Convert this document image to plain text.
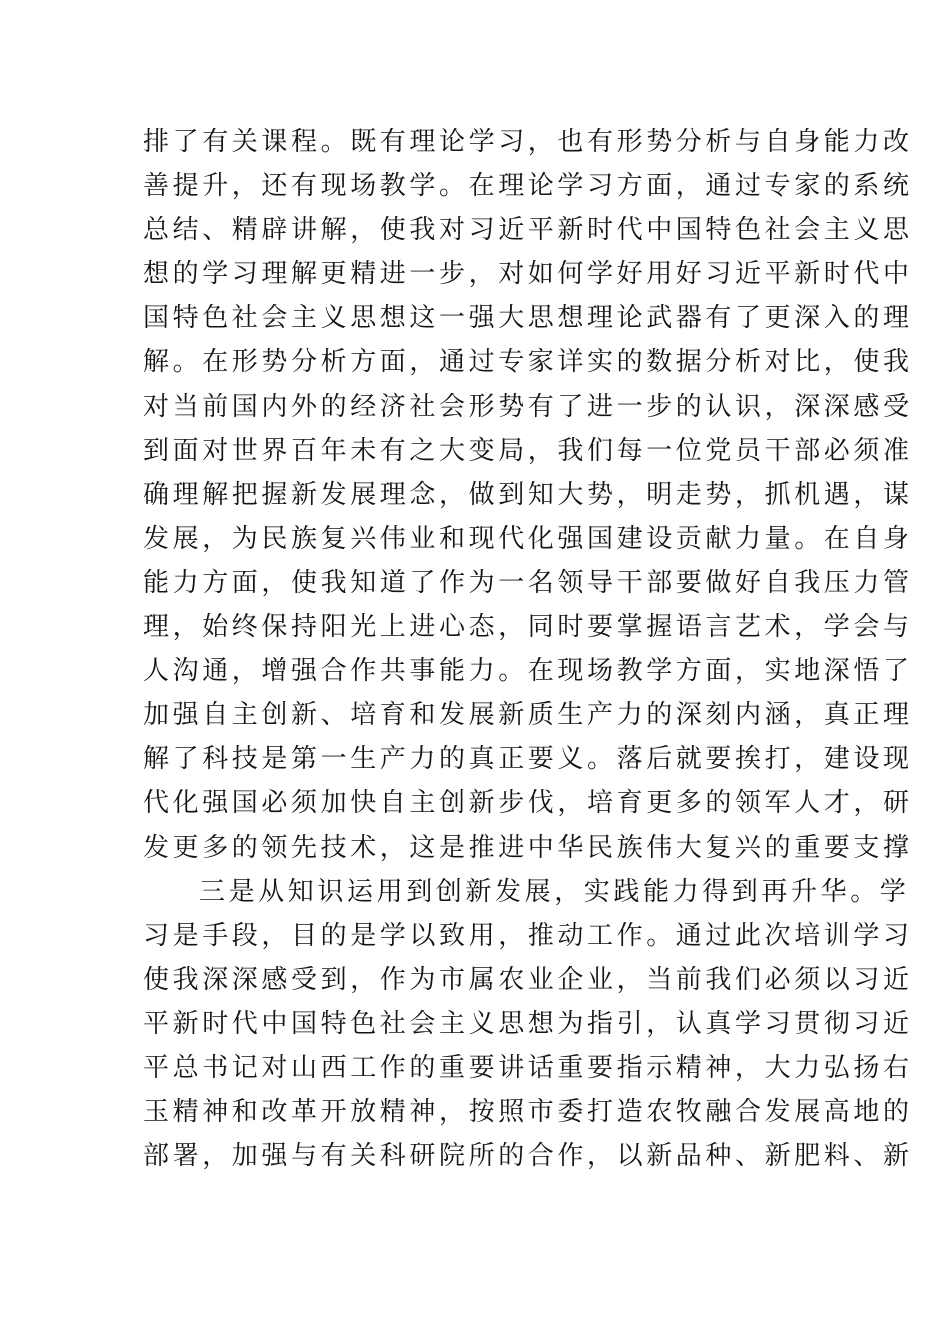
排了有关课程。既有理论学习，也有形势分析与自身能力改
善提升，还有现场教学。在理论学习方面，通过专家的系统
总结、精辟讲解，使我对习近平新时代中国特色社会主义思
想的学习理解更精进一步，对如何学好用好习近平新时代中
国特色社会主义思想这一强大思想理论武器有了更深入的理
解。在形势分析方面，通过专家详实的数据分析对比，使我
对当前国内外的经济社会形势有了进一步的认识，深深感受
到面对世界百年未有之大变局，我们每一位党员干部必须准
确理解把握新发展理念，做到知大势，明走势，抓机遇，谋
发展，为民族复兴伟业和现代化强国建设贡献力量。在自身
能力方面，使我知道了作为一名领导干部要做好自我压力管
理，始终保持阳光上进心态，同时要掌握语言艺术，学会与
人沟通，增强合作共事能力。在现场教学方面，实地深悟了
加强自主创新、培育和发展新质生产力的深刻内涵，真正理
解了科技是第一生产力的真正要义。落后就要挨打，建设现
代化强国必须加快自主创新步伐，培育更多的领军人才，研
发更多的领先技术，这是推进中华民族伟大复兴的重要支撑
三是从知识运用到创新发展，实践能力得到再升华。学
习是手段，目的是学以致用，推动工作。通过此次培训学习
使我深深感受到，作为市属农业企业，当前我们必须以习近
平新时代中国特色社会主义思想为指引，认真学习贯彻习近
平总书记对山西工作的重要讲话重要指示精神，大力弘扬右
玉精神和改革开放精神，按照市委打造农牧融合发展高地的
部署，加强与有关科研院所的合作，以新品种、新肥料、新
